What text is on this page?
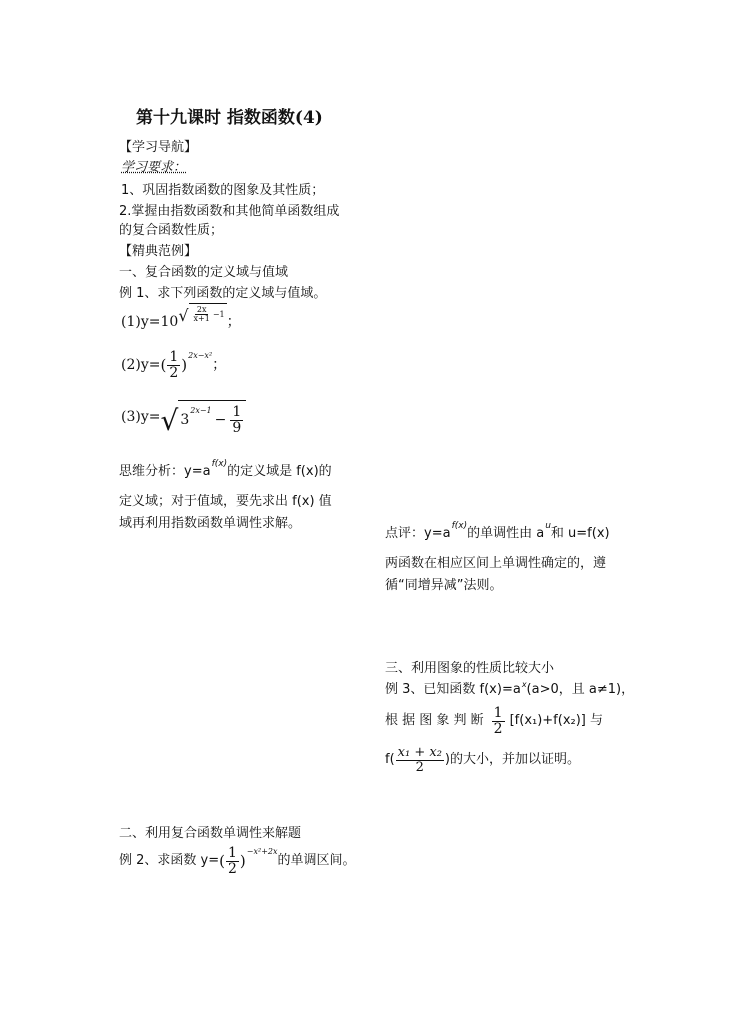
第十九课时 指数函数(4)
【学习导航】
学习要求：
1、巩固指数函数的图象及其性质；
2.掌握由指数函数和其他简单函数组成
的复合函数性质；
【精典范例】
一、复合函数的定义域与值域
例 1、求下列函数的定义域与值域。
(1)y= 10 √ $\frac{2x}{x+1} -1$ ；
(2)y= ( $\frac{1}{2}$ )
2x−x²
；
(3)y= √ 3
2x−1
− $\frac{1}{9}$
思维分析：$y=a^{f(x)}$的定义域是 f(x)的
定义域；对于值域，要先求出 f(x) 值
域再利用指数函数单调性求解。
点评：$y=a^{f(x)}$的单调性由 $a^u$和 u=f(x)
两函数在相应区间上单调性确定的，遵
循“同增异减”法则。
三、利用图象的性质比较大小
例 3、已知函数 $f(x)=a^x(a>0$，且 a≠1)，
根 据 图 象 判 断 $\frac{1}{2} [f(x_1)+f(x_2)]$ 与
$f( \frac{\text{x₁ + x₂}}{2}$ )的大小，并加以证明。
二、利用复合函数单调性来解题
例 2、求函数 y= ( $\frac{1}{2}$ )
−x²+2x
的单调区间。
